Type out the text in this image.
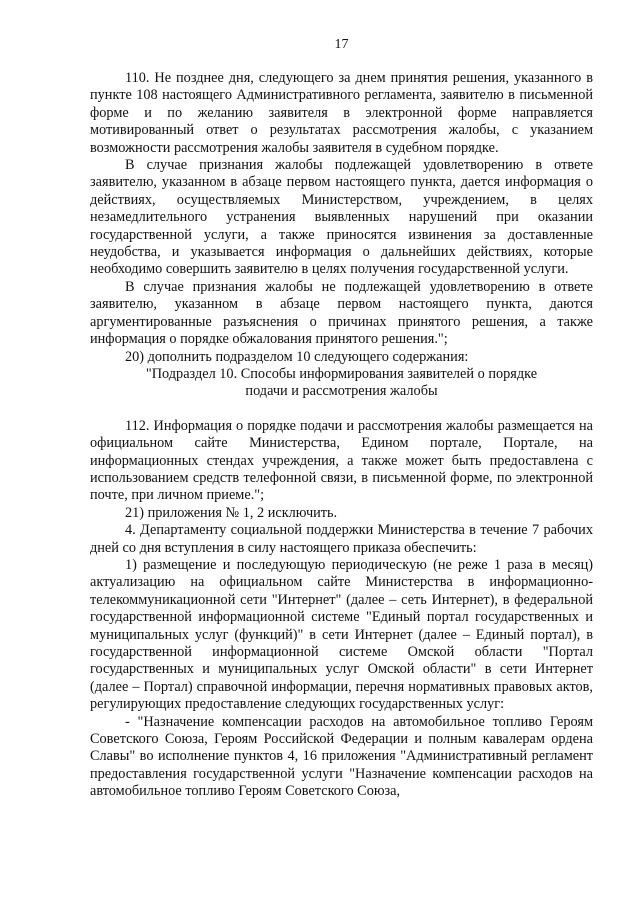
17

110. Не позднее дня, следующего за днем принятия решения, указанного в пункте 108 настоящего Административного регламента, заявителю в письменной форме и по желанию заявителя в электронной форме направляется мотивированный ответ о результатах рассмотрения жалобы, с указанием возможности рассмотрения жалобы заявителя в судебном порядке.

В случае признания жалобы подлежащей удовлетворению в ответе заявителю, указанном в абзаце первом настоящего пункта, дается информация о действиях, осуществляемых Министерством, учреждением, в целях незамедлительного устранения выявленных нарушений при оказании государственной услуги, а также приносятся извинения за доставленные неудобства, и указывается информация о дальнейших действиях, которые необходимо совершить заявителю в целях получения государственной услуги.

В случае признания жалобы не подлежащей удовлетворению в ответе заявителю, указанном в абзаце первом настоящего пункта, даются аргументированные разъяснения о причинах принятого решения, а также информация о порядке обжалования принятого решения.";

20) дополнить подразделом 10 следующего содержания:

"Подраздел 10. Способы информирования заявителей о порядке

подачи и рассмотрения жалобы

112. Информация о порядке подачи и рассмотрения жалобы размещается на официальном сайте Министерства, Едином портале, Портале, на информационных стендах учреждения, а также может быть предоставлена с использованием средств телефонной связи, в письменной форме, по электронной почте, при личном приеме.";

21) приложения № 1, 2 исключить.

4. Департаменту социальной поддержки Министерства в течение 7 рабочих дней со дня вступления в силу настоящего приказа обеспечить:

1) размещение и последующую периодическую (не реже 1 раза в месяц) актуализацию на официальном сайте Министерства в информационно-телекоммуникационной сети "Интернет" (далее – сеть Интернет), в федеральной государственной информационной системе "Единый портал государственных и муниципальных услуг (функций)" в сети Интернет (далее – Единый портал), в государственной информационной системе Омской области "Портал государственных и муниципальных услуг Омской области" в сети Интернет (далее – Портал) справочной информации, перечня нормативных правовых актов, регулирующих предоставление следующих государственных услуг:

- "Назначение компенсации расходов на автомобильное топливо Героям Советского Союза, Героям Российской Федерации и полным кавалерам ордена Славы" во исполнение пунктов 4, 16 приложения "Административный регламент предоставления государственной услуги "Назначение компенсации расходов на автомобильное топливо Героям Советского Союза,
